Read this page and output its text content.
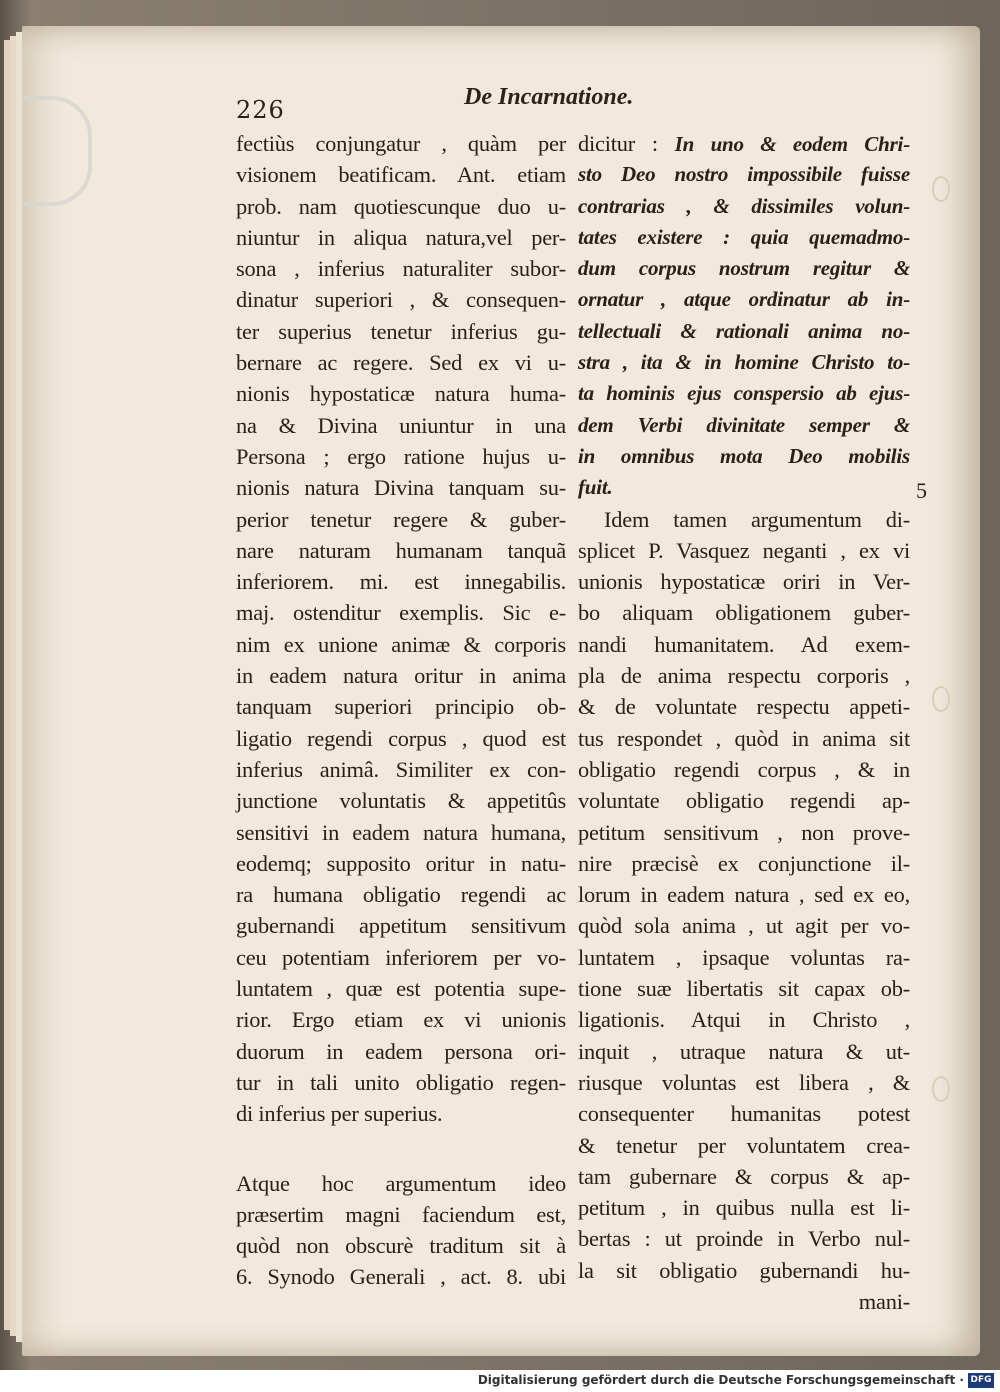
226	De Incarnatione.
fectiùs conjungatur , quàm per
visionem beatificam. Ant. etiam
prob. nam quotiescunque duo u-
niuntur in aliqua natura,vel per-
sona , inferius naturaliter subor-
dinatur superiori , & consequen-
ter superius tenetur inferius gu-
bernare ac regere. Sed ex vi u-
nionis hypostaticæ natura huma-
na & Divina uniuntur in una
Persona ; ergo ratione hujus u-
nionis natura Divina tanquam su-
perior tenetur regere & guber-
nare naturam humanam tanquã
inferiorem. mi. est innegabilis.
maj. ostenditur exemplis. Sic e-
nim ex unione animæ & corporis
in eadem natura oritur in anima
tanquam superiori principio ob-
ligatio regendi corpus , quod est
inferius animâ. Similiter ex con-
junctione voluntatis & appetitûs
sensitivi in eadem natura humana,
eodemq; supposito oritur in natu-
ra humana obligatio regendi ac
gubernandi appetitum sensitivum
ceu potentiam inferiorem per vo-
luntatem , quæ est potentia supe-
rior. Ergo etiam ex vi unionis
duorum in eadem persona ori-
tur in tali unito obligatio regen-
di inferius per superius.
Atque hoc argumentum ideo
præsertim magni faciendum est,
quòd non obscurè traditum sit à
6. Synodo Generali , act. 8. ubi
dicitur : In uno & eodem Chri-
sto Deo nostro impossibile fuisse
contrarias , & dissimiles volun-
tates existere : quia quemadmo-
dum corpus nostrum regitur &
ornatur , atque ordinatur ab in-
tellectuali & rationali anima no-
stra , ita & in homine Christo to-
ta hominis ejus conspersio ab ejus-
dem Verbi divinitate semper &
in omnibus mota Deo mobilis
fuit.
Idem tamen argumentum di-
splicet P. Vasquez neganti , ex vi
unionis hypostaticæ oriri in Ver-
bo aliquam obligationem guber-
nandi humanitatem. Ad exem-
pla de anima respectu corporis ,
& de voluntate respectu appeti-
tus respondet , quòd in anima sit
obligatio regendi corpus , & in
voluntate obligatio regendi ap-
petitum sensitivum , non prove-
nire præcisè ex conjunctione il-
lorum in eadem natura , sed ex eo,
quòd sola anima , ut agit per vo-
luntatem , ipsaque voluntas ra-
tione suæ libertatis sit capax ob-
ligationis. Atqui in Christo ,
inquit , utraque natura & ut-
riusque voluntas est libera , &
consequenter humanitas potest
& tenetur per voluntatem crea-
tam gubernare & corpus & ap-
petitum , in quibus nulla est li-
bertas : ut proinde in Verbo nul-
la sit obligatio gubernandi hu-
mani-
5
Digitalisierung gefördert durch die Deutsche Forschungsgemeinschaft · DFG
